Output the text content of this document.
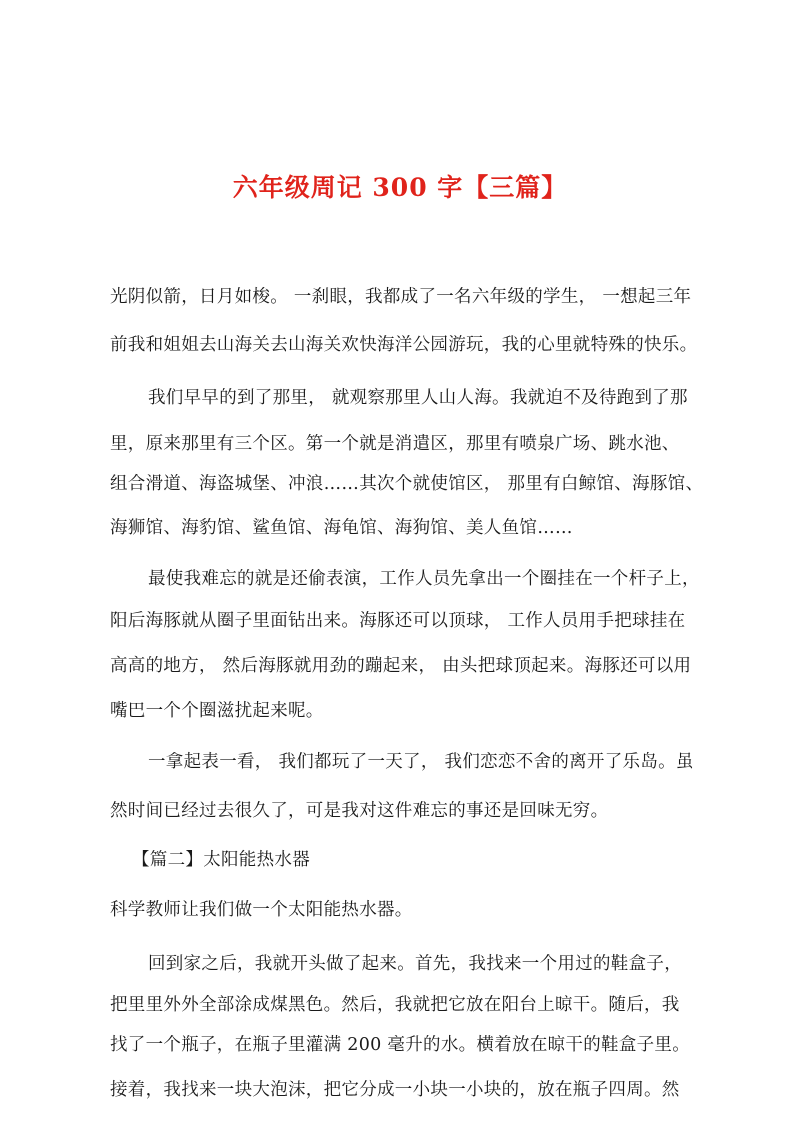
六年级周记 300 字【三篇】
光阴似箭，日月如梭。 一刹眼，我都成了一名六年级的学生， 一想起三年
前我和姐姐去山海关去山海关欢快海洋公园游玩，我的心里就特殊的快乐。
我们早早的到了那里， 就观察那里人山人海。我就迫不及待跑到了那
里，原来那里有三个区。第一个就是消遣区，那里有喷泉广场、跳水池、
组合滑道、海盗城堡、冲浪……其次个就使馆区， 那里有白鲸馆、海豚馆、
海狮馆、海豹馆、鲨鱼馆、海龟馆、海狗馆、美人鱼馆……
最使我难忘的就是还偷表演，工作人员先拿出一个圈挂在一个杆子上，
阳后海豚就从圈子里面钻出来。海豚还可以顶球， 工作人员用手把球挂在
高高的地方， 然后海豚就用劲的蹦起来， 由头把球顶起来。海豚还可以用
嘴巴一个个圈滋扰起来呢。
一拿起表一看， 我们都玩了一天了， 我们恋恋不舍的离开了乐岛。虽
然时间已经过去很久了，可是我对这件难忘的事还是回味无穷。
【篇二】太阳能热水器
科学教师让我们做一个太阳能热水器。
回到家之后，我就开头做了起来。首先，我找来一个用过的鞋盒子，
把里里外外全部涂成煤黑色。然后，我就把它放在阳台上晾干。随后，我
找了一个瓶子，在瓶子里灌满 200 毫升的水。横着放在晾干的鞋盒子里。
接着，我找来一块大泡沫，把它分成一小块一小块的，放在瓶子四周。然
